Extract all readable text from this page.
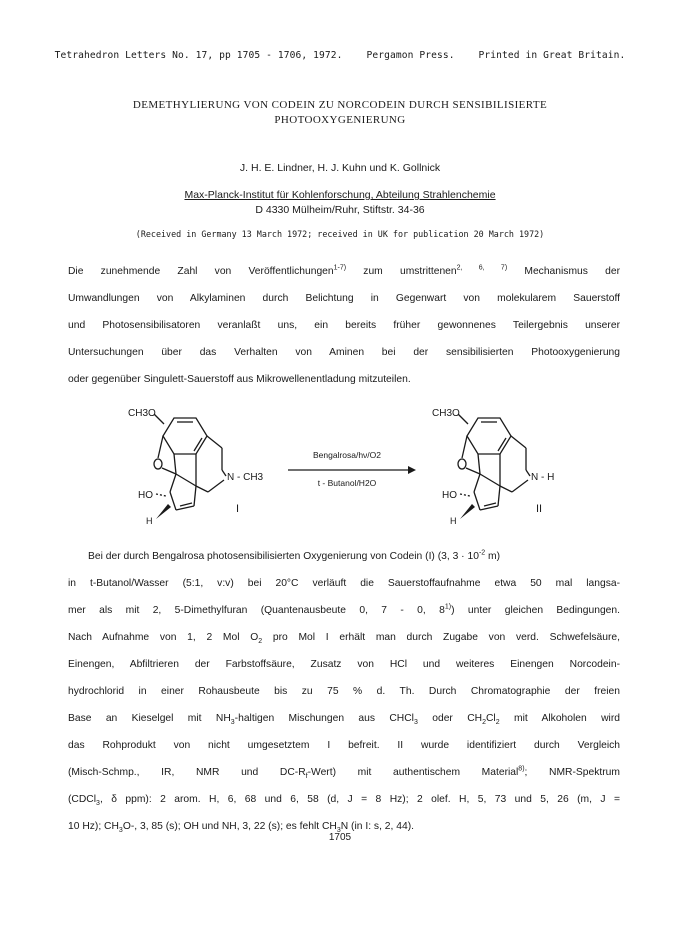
Tetrahedron Letters No. 17, pp 1705 - 1706, 1972. Pergamon Press. Printed in Great Britain.
DEMETHYLIERUNG VON CODEIN ZU NORCODEIN DURCH SENSIBILISIERTE
PHOTOOXYGENIERUNG
J. H. E. Lindner, H. J. Kuhn und K. Gollnick
Max-Planck-Institut für Kohlenforschung, Abteilung Strahlenchemie
D 4330 Mülheim/Ruhr, Stiftstr. 34-36
(Received in Germany 13 March 1972; received in UK for publication 20 March 1972)
Die zunehmende Zahl von Veröffentlichungen$^{1-7)}$ zum umstrittenen$^{2, 6, 7)}$ Mechanismus der
Umwandlungen von Alkylaminen durch Belichtung in Gegenwart von molekularem Sauerstoff
und Photosensibilisatoren veranlaßt uns, ein bereits früher gewonnenes Teilergebnis unserer
Untersuchungen über das Verhalten von Aminen bei der sensibilisierten Photooxygenierung
oder gegenüber Singulett-Sauerstoff aus Mikrowellenentladung mitzuteilen.
CH3O
HO
H
N - CH3
I
Bengalrosa/hν/O2
t - Butanol/H2O
CH3O
HO
H
N - H
II
Bei der durch Bengalrosa photosensibilisierten Oxygenierung von Codein (I) (3, $3 \cdot 10^{-2}$ m)
in t-Butanol/Wasser (5:1, v:v) bei 20°C verläuft die Sauerstoffaufnahme etwa 50 mal langsa-
mer als mit 2, 5-Dimethylfuran (Quantenausbeute 0, 7 - 0, 8$^{1)}$) unter gleichen Bedingungen.
Nach Aufnahme von 1, 2 Mol $O_2$ pro Mol I erhält man durch Zugabe von verd. Schwefelsäure,
Einengen, Abfiltrieren der Farbstoffsäure, Zusatz von HCl und weiteres Einengen Norcodein-
hydrochlorid in einer Rohausbeute bis zu 75 % d. Th. Durch Chromatographie der freien
Base an Kieselgel mit $NH_3$-haltigen Mischungen aus CHCl$_3$ oder $CH_2Cl_2$ mit Alkoholen wird
das Rohprodukt von nicht umgesetztem I befreit. II wurde identifiziert durch Vergleich
(Misch-Schmp., IR, NMR und $DC-R_f-Wert$) mit authentischem Material$^{8)}$; NMR-Spektrum
(CDCl$_3$, δ ppm): 2 arom. H, 6, 68 und 6, 58 (d, J = 8 Hz); 2 olef. H, 5, 73 und 5, 26 (m, J =
10 Hz); $CH_3O-$, 3, 85 (s); OH und NH, 3, 22 (s); es fehlt $CH_3N$ (in I: s, 2, 44).
1705
